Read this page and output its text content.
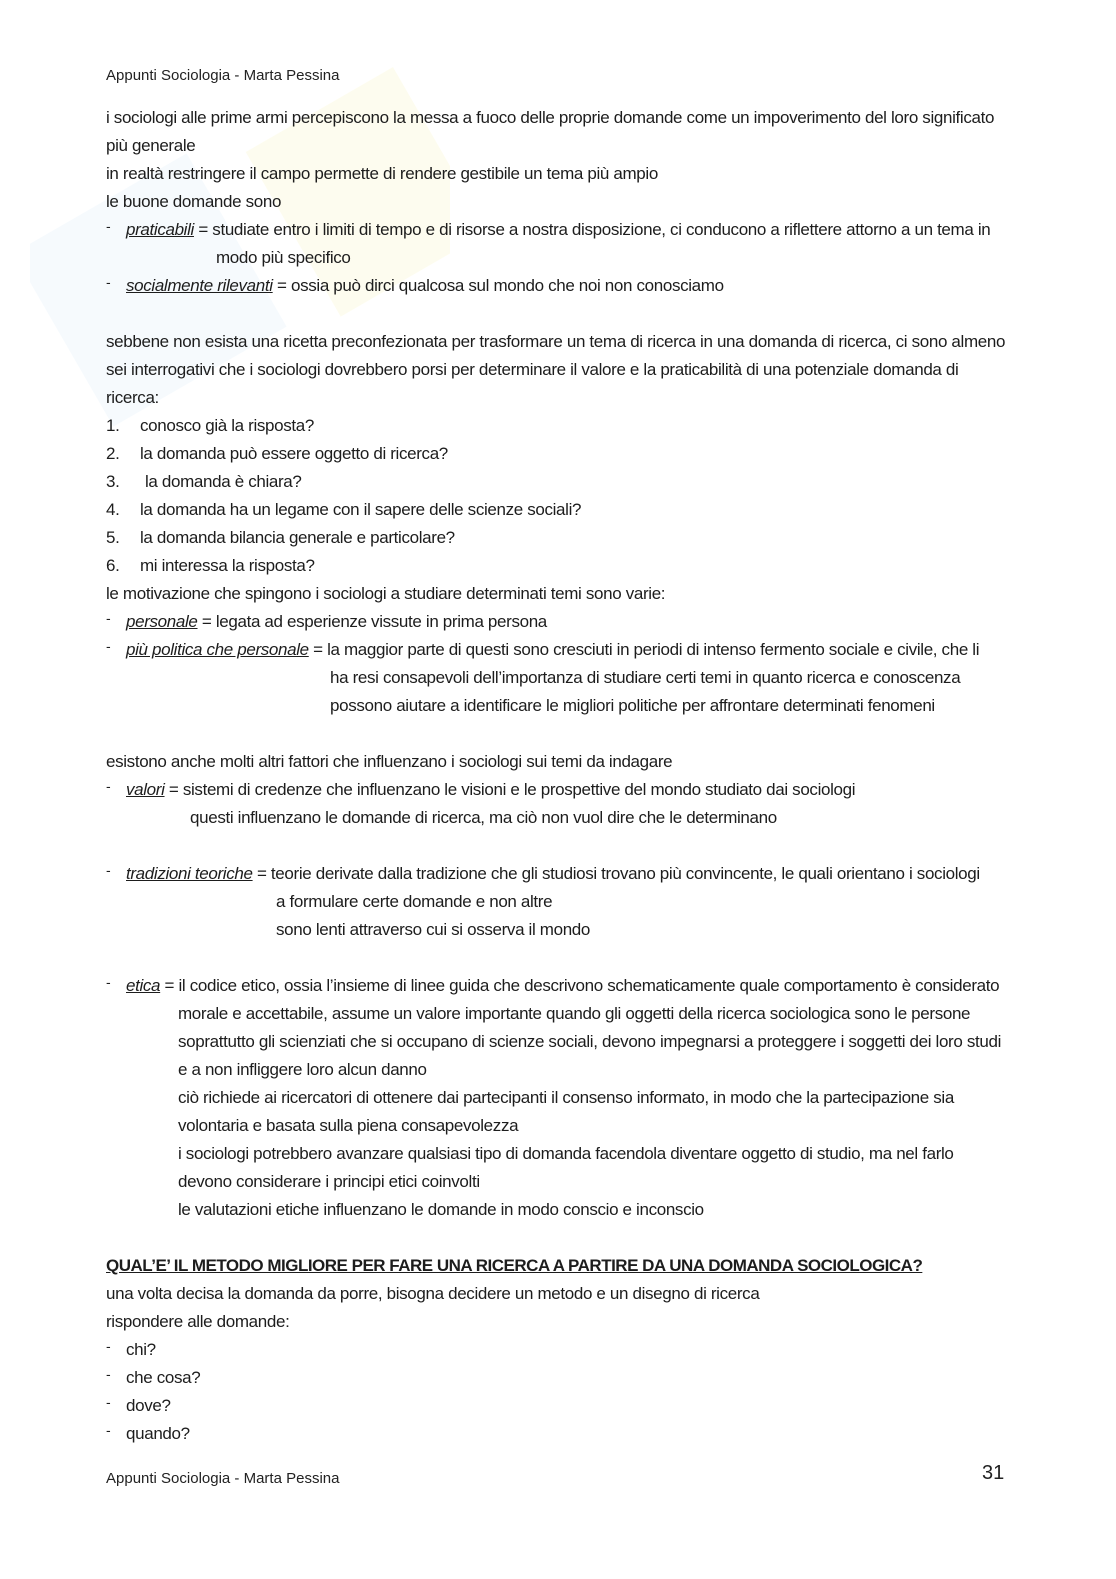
Appunti Sociologia - Marta Pessina

i sociologi alle prime armi percepiscono la messa a fuoco delle proprie domande come un impoverimento del loro significato

più generale

in realtà restringere il campo permette di rendere gestibile un tema più ampio

le buone domande sono

- praticabili = studiate entro i limiti di tempo e di risorse a nostra disposizione, ci conducono a riflettere attorno a un tema in

modo più specifico

- socialmente rilevanti = ossia può dirci qualcosa sul mondo che noi non conosciamo

sebbene non esista una ricetta preconfezionata per trasformare un tema di ricerca in una domanda di ricerca, ci sono almeno

sei interrogativi che i sociologi dovrebbero porsi per determinare il valore e la praticabilità di una potenziale domanda di

ricerca:

1. conosco già la risposta?
2. la domanda può essere oggetto di ricerca?
3. la domanda è chiara?
4. la domanda ha un legame con il sapere delle scienze sociali?
5. la domanda bilancia generale e particolare?
6. mi interessa la risposta?

le motivazione che spingono i sociologi a studiare determinati temi sono varie:

- personale = legata ad esperienze vissute in prima persona
- più politica che personale = la maggior parte di questi sono cresciuti in periodi di intenso fermento sociale e civile, che li

ha resi consapevoli dell’importanza di studiare certi temi in quanto ricerca e conoscenza

possono aiutare a identificare le migliori politiche per affrontare determinati fenomeni

esistono anche molti altri fattori che influenzano i sociologi sui temi da indagare

- valori = sistemi di credenze che influenzano le visioni e le prospettive del mondo studiato dai sociologi

questi influenzano le domande di ricerca, ma ciò non vuol dire che le determinano

- tradizioni teoriche = teorie derivate dalla tradizione che gli studiosi trovano più convincente, le quali orientano i sociologi

a formulare certe domande e non altre

sono lenti attraverso cui si osserva il mondo

- etica = il codice etico, ossia l’insieme di linee guida che descrivono schematicamente quale comportamento è considerato

morale e accettabile, assume un valore importante quando gli oggetti della ricerca sociologica sono le persone

soprattutto gli scienziati che si occupano di scienze sociali, devono impegnarsi a proteggere i soggetti dei loro studi

e a non infliggere loro alcun danno

ciò richiede ai ricercatori di ottenere dai partecipanti il consenso informato, in modo che la partecipazione sia

volontaria e basata sulla piena consapevolezza

i sociologi potrebbero avanzare qualsiasi tipo di domanda facendola diventare oggetto di studio, ma nel farlo

devono considerare i principi etici coinvolti

le valutazioni etiche influenzano le domande in modo conscio e inconscio

QUAL’E’ IL METODO MIGLIORE PER FARE UNA RICERCA A PARTIRE DA UNA DOMANDA SOCIOLOGICA?

una volta decisa la domanda da porre, bisogna decidere un metodo e un disegno di ricerca

rispondere alle domande:

- chi?
- che cosa?
- dove?
- quando?
Appunti Sociologia - Marta Pessina	31
